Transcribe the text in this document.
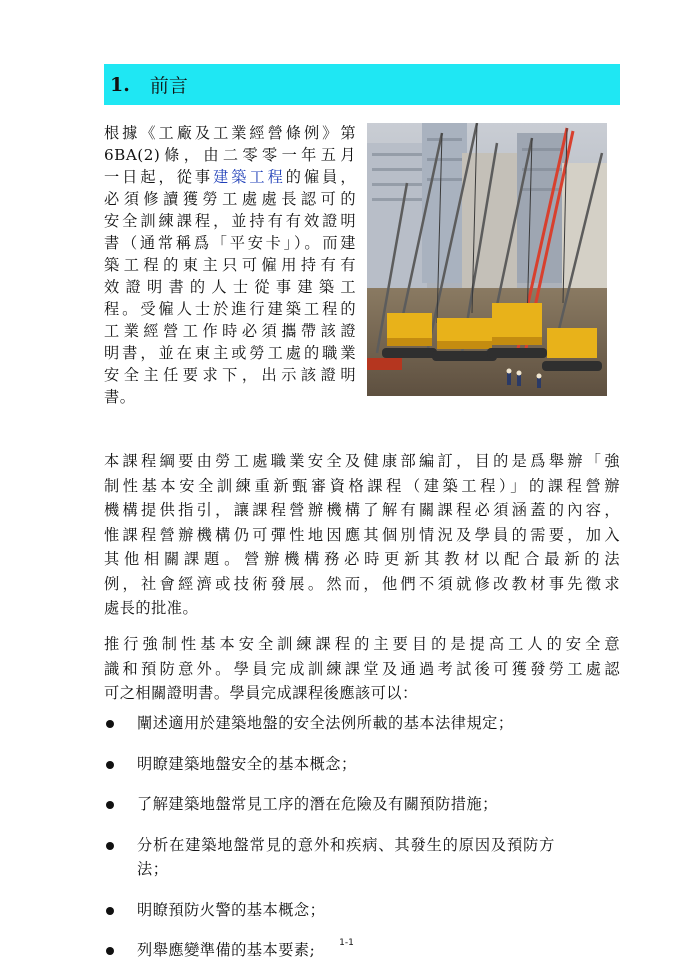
1. 前言
根據《工廠及工業經營條例》第
6BA(2)條，由二零零一年五月
一日起，從事建築工程的僱員，
必須修讀獲勞工處處長認可的
安全訓練課程，並持有有效證明
書（通常稱爲「平安卡」）。而建
築工程的東主只可僱用持有有
效證明書的人士從事建築工
程。受僱人士於進行建築工程的
工業經營工作時必須攜帶該證
明書，並在東主或勞工處的職業
安全主任要求下，出示該證明
書。
本課程綱要由勞工處職業安全及健康部編訂，目的是爲舉辦「強
制性基本安全訓練重新甄審資格課程（建築工程）」的課程營辦
機構提供指引，讓課程營辦機構了解有關課程必須涵蓋的內容，
惟課程營辦機構仍可彈性地因應其個別情況及學員的需要，加入
其他相關課題。營辦機構務必時更新其教材以配合最新的法
例，社會經濟或技術發展。然而，他們不須就修改教材事先徵求
處長的批准。
推行強制性基本安全訓練課程的主要目的是提高工人的安全意
識和預防意外。學員完成訓練課堂及通過考試後可獲發勞工處認
可之相關證明書。學員完成課程後應該可以：
闡述適用於建築地盤的安全法例所載的基本法律規定；
明瞭建築地盤安全的基本概念；
了解建築地盤常見工序的潛在危險及有關預防措施；
分析在建築地盤常見的意外和疾病、其發生的原因及預防方
法；
明瞭預防火警的基本概念；
列舉應變準備的基本要素;	1-1
